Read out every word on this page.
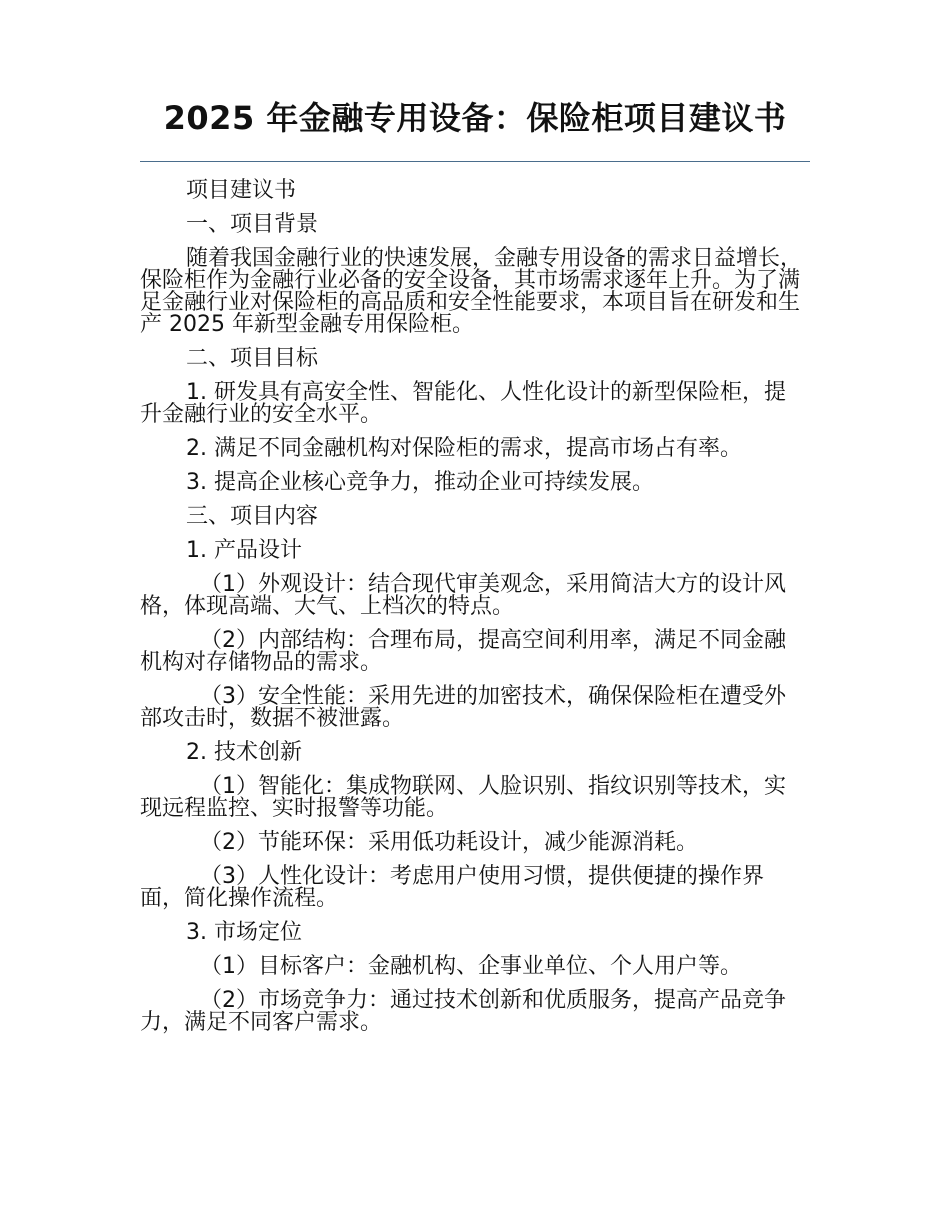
2025 年金融专用设备：保险柜项目建议书

项目建议书

一、项目背景

随着我国金融行业的快速发展，金融专用设备的需求日益增长，保险柜作为金融行业必备的安全设备，其市场需求逐年上升。为了满足金融行业对保险柜的高品质和安全性能要求，本项目旨在研发和生产 2025 年新型金融专用保险柜。

二、项目目标

1. 研发具有高安全性、智能化、人性化设计的新型保险柜，提升金融行业的安全水平。

2. 满足不同金融机构对保险柜的需求，提高市场占有率。

3. 提高企业核心竞争力，推动企业可持续发展。

三、项目内容

1. 产品设计

（1）外观设计：结合现代审美观念，采用简洁大方的设计风格，体现高端、大气、上档次的特点。

（2）内部结构：合理布局，提高空间利用率，满足不同金融机构对存储物品的需求。

（3）安全性能：采用先进的加密技术，确保保险柜在遭受外部攻击时，数据不被泄露。

2. 技术创新

（1）智能化：集成物联网、人脸识别、指纹识别等技术，实现远程监控、实时报警等功能。

（2）节能环保：采用低功耗设计，减少能源消耗。

（3）人性化设计：考虑用户使用习惯，提供便捷的操作界面，简化操作流程。

3. 市场定位

（1）目标客户：金融机构、企事业单位、个人用户等。

（2）市场竞争力：通过技术创新和优质服务，提高产品竞争力，满足不同客户需求。
